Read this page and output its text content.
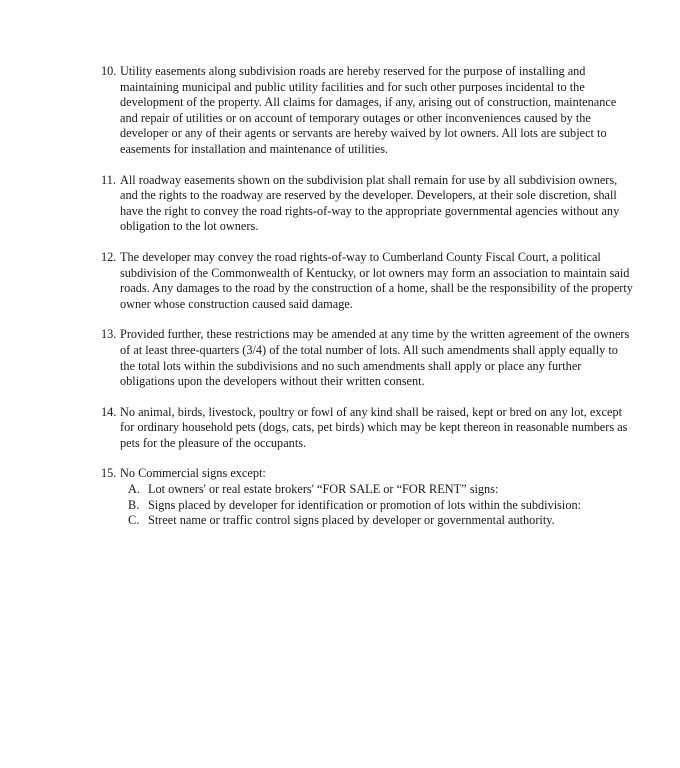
10. Utility easements along subdivision roads are hereby reserved for the purpose of installing and maintaining municipal and public utility facilities and for such other purposes incidental to the development of the property. All claims for damages, if any, arising out of construction, maintenance and repair of utilities or on account of temporary outages or other inconveniences caused by the developer or any of their agents or servants are hereby waived by lot owners. All lots are subject to easements for installation and maintenance of utilities.
11. All roadway easements shown on the subdivision plat shall remain for use by all subdivision owners, and the rights to the roadway are reserved by the developer. Developers, at their sole discretion, shall have the right to convey the road rights-of-way to the appropriate governmental agencies without any obligation to the lot owners.
12. The developer may convey the road rights-of-way to Cumberland County Fiscal Court, a political subdivision of the Commonwealth of Kentucky, or lot owners may form an association to maintain said roads. Any damages to the road by the construction of a home, shall be the responsibility of the property owner whose construction caused said damage.
13. Provided further, these restrictions may be amended at any time by the written agreement of the owners of at least three-quarters (3/4) of the total number of lots. All such amendments shall apply equally to the total lots within the subdivisions and no such amendments shall apply or place any further obligations upon the developers without their written consent.
14. No animal, birds, livestock, poultry or fowl of any kind shall be raised, kept or bred on any lot, except for ordinary household pets (dogs, cats, pet birds) which may be kept thereon in reasonable numbers as pets for the pleasure of the occupants.
15. No Commercial signs except:
A. Lot owners' or real estate brokers' “FOR SALE or “FOR RENT” signs:
B. Signs placed by developer for identification or promotion of lots within the subdivision:
C. Street name or traffic control signs placed by developer or governmental authority.
